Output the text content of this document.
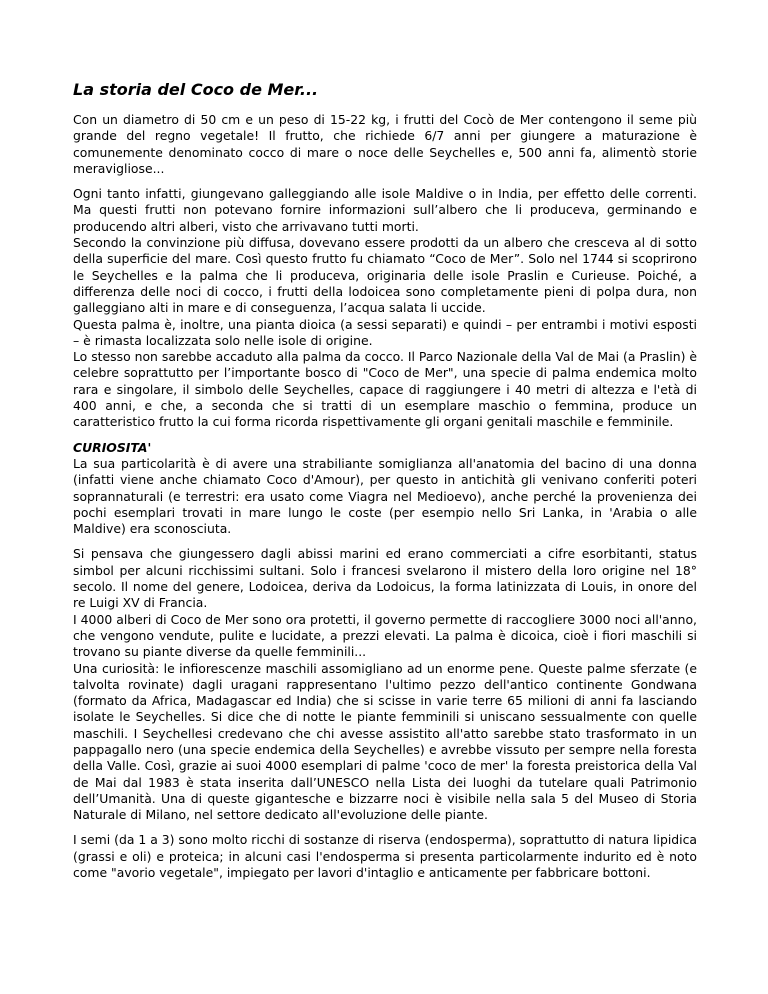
La storia del Coco de Mer...

Con un diametro di 50 cm e un peso di 15-22 kg, i frutti del Cocò de Mer contengono il seme più grande del regno vegetale! Il frutto, che richiede 6/7 anni per giungere a maturazione è comunemente denominato cocco di mare o noce delle Seychelles e, 500 anni fa, alimentò storie meravigliose...

Ogni tanto infatti, giungevano galleggiando alle isole Maldive o in India, per effetto delle correnti. Ma questi frutti non potevano fornire informazioni sull’albero che li produceva, germinando e producendo altri alberi, visto che arrivavano tutti morti.

Secondo la convinzione più diffusa, dovevano essere prodotti da un albero che cresceva al di sotto della superficie del mare. Così questo frutto fu chiamato “Coco de Mer”. Solo nel 1744 si scoprirono le Seychelles e la palma che li produceva, originaria delle isole Praslin e Curieuse. Poiché, a differenza delle noci di cocco, i frutti della lodoicea sono completamente pieni di polpa dura, non galleggiano alti in mare e di conseguenza, l’acqua salata li uccide.

Questa palma è, inoltre, una pianta dioica (a sessi separati) e quindi – per entrambi i motivi esposti – è rimasta localizzata solo nelle isole di origine.

Lo stesso non sarebbe accaduto alla palma da cocco. Il Parco Nazionale della Val de Mai (a Praslin) è celebre soprattutto per l’importante bosco di "Coco de Mer", una specie di palma endemica molto rara e singolare, il simbolo delle Seychelles, capace di raggiungere i 40 metri di altezza e l'età di 400 anni, e che, a seconda che si tratti di un esemplare maschio o femmina, produce un caratteristico frutto la cui forma ricorda rispettivamente gli organi genitali maschile e femminile.

CURIOSITA'

La sua particolarità è di avere una strabiliante somiglianza all'anatomia del bacino di una donna (infatti viene anche chiamato Coco d'Amour), per questo in antichità gli venivano conferiti poteri soprannaturali (e terrestri: era usato come Viagra nel Medioevo), anche perché la provenienza dei pochi esemplari trovati in mare lungo le coste (per esempio nello Sri Lanka, in 'Arabia o alle Maldive) era sconosciuta.

Si pensava che giungessero dagli abissi marini ed erano commerciati a cifre esorbitanti, status simbol per alcuni ricchissimi sultani. Solo i francesi svelarono il mistero della loro origine nel 18° secolo. Il nome del genere, Lodoicea, deriva da Lodoicus, la forma latinizzata di Louis, in onore del re Luigi XV di Francia.

I 4000 alberi di Coco de Mer sono ora protetti, il governo permette di raccogliere 3000 noci all'anno, che vengono vendute, pulite e lucidate, a prezzi elevati. La palma è dicoica, cioè i fiori maschili si trovano su piante diverse da quelle femminili...

Una curiosità: le infiorescenze maschili assomigliano ad un enorme pene. Queste palme sferzate (e talvolta rovinate) dagli uragani rappresentano l'ultimo pezzo dell'antico continente Gondwana (formato da Africa, Madagascar ed India) che si scisse in varie terre 65 milioni di anni fa lasciando isolate le Seychelles. Si dice che di notte le piante femminili si uniscano sessualmente con quelle maschili. I Seychellesi credevano che chi avesse assistito all'atto sarebbe stato trasformato in un pappagallo nero (una specie endemica della Seychelles) e avrebbe vissuto per sempre nella foresta della Valle. Così, grazie ai suoi 4000 esemplari di palme 'coco de mer' la foresta preistorica della Val de Mai dal 1983 è stata inserita dall’UNESCO nella Lista dei luoghi da tutelare quali Patrimonio dell’Umanità. Una di queste gigantesche e bizzarre noci è visibile nella sala 5 del Museo di Storia Naturale di Milano, nel settore dedicato all'evoluzione delle piante.

I semi (da 1 a 3) sono molto ricchi di sostanze di riserva (endosperma), soprattutto di natura lipidica (grassi e oli) e proteica; in alcuni casi l'endosperma si presenta particolarmente indurito ed è noto come "avorio vegetale", impiegato per lavori d'intaglio e anticamente per fabbricare bottoni.
